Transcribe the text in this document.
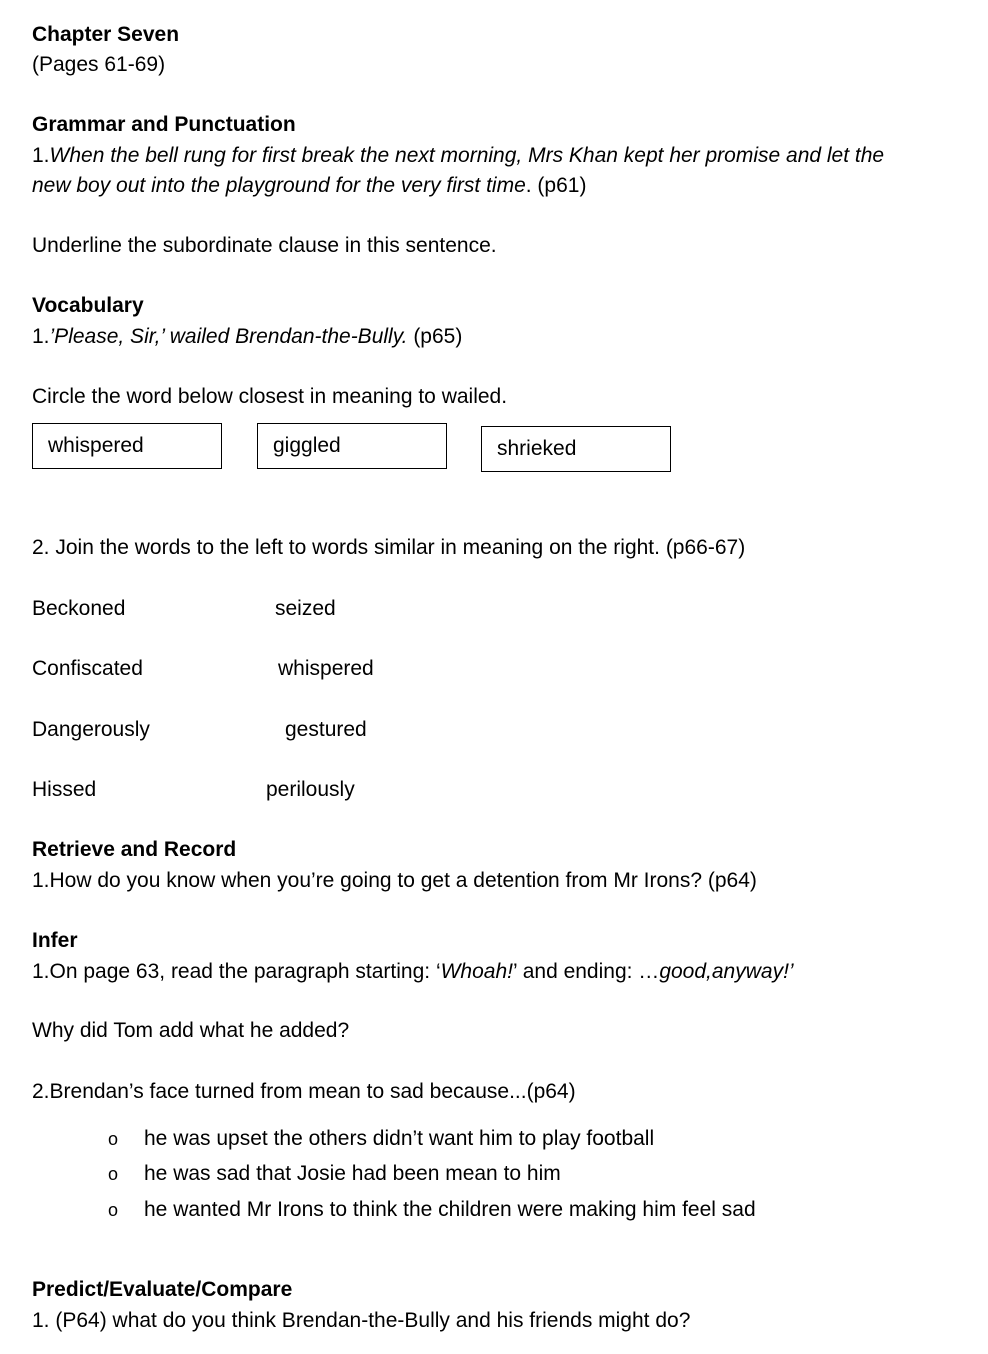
Chapter Seven

(Pages 61-69)

Grammar and Punctuation

1.When the bell rung for first break the next morning, Mrs Khan kept her promise and let the

new boy out into the playground for the very first time. (p61)

Underline the subordinate clause in this sentence.

Vocabulary

1.’Please, Sir,’ wailed Brendan-the-Bully. (p65)

Circle the word below closest in meaning to wailed.

whispered	giggled	shrieked

2. Join the words to the left to words similar in meaning on the right. (p66-67)

Beckoned	seized

Confiscated	whispered

Dangerously	gestured

Hissed	perilously

Retrieve and Record

1.How do you know when you’re going to get a detention from Mr Irons? (p64)

Infer

1.On page 63, read the paragraph starting: ‘Whoah!’ and ending: …good,anyway!’

Why did Tom add what he added?

2.Brendan’s face turned from mean to sad because...(p64)

o he was upset the others didn’t want him to play football
o he was sad that Josie had been mean to him
o he wanted Mr Irons to think the children were making him feel sad

Predict/Evaluate/Compare

1. (P64) what do you think Brendan-the-Bully and his friends might do?
